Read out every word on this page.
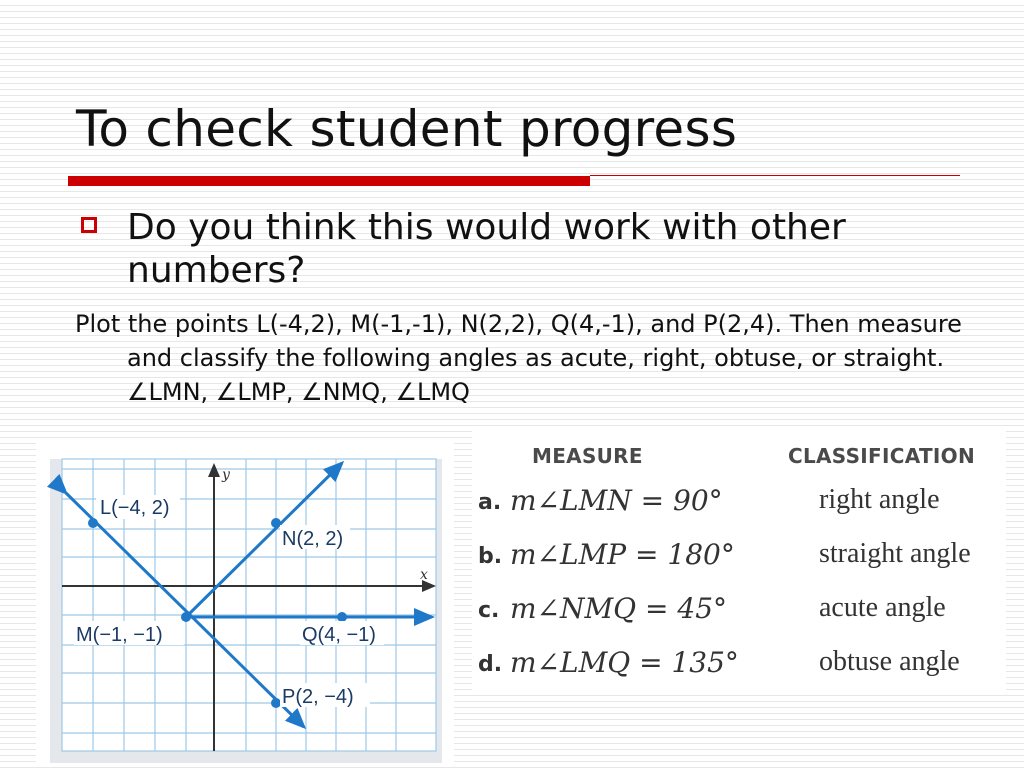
To check student progress
Do you think this would work with other numbers?

Plot the points L(-4,2), M(-1,-1), N(2,2), Q(4,-1), and P(2,4). Then measure and classify the following angles as acute, right, obtuse, or straight. ∠LMN, ∠LMP, ∠NMQ, ∠LMQ

x
y
L(−4, 2)
N(2, 2)
M(−1, −1)	Q(4, −1)
P(2, −4)
MEASURE	CLASSIFICATION
a. m∠LMN = 90°	right angle
b. m∠LMP = 180°	straight angle
c. m∠NMQ = 45°	acute angle
d. m∠LMQ = 135°	obtuse angle
